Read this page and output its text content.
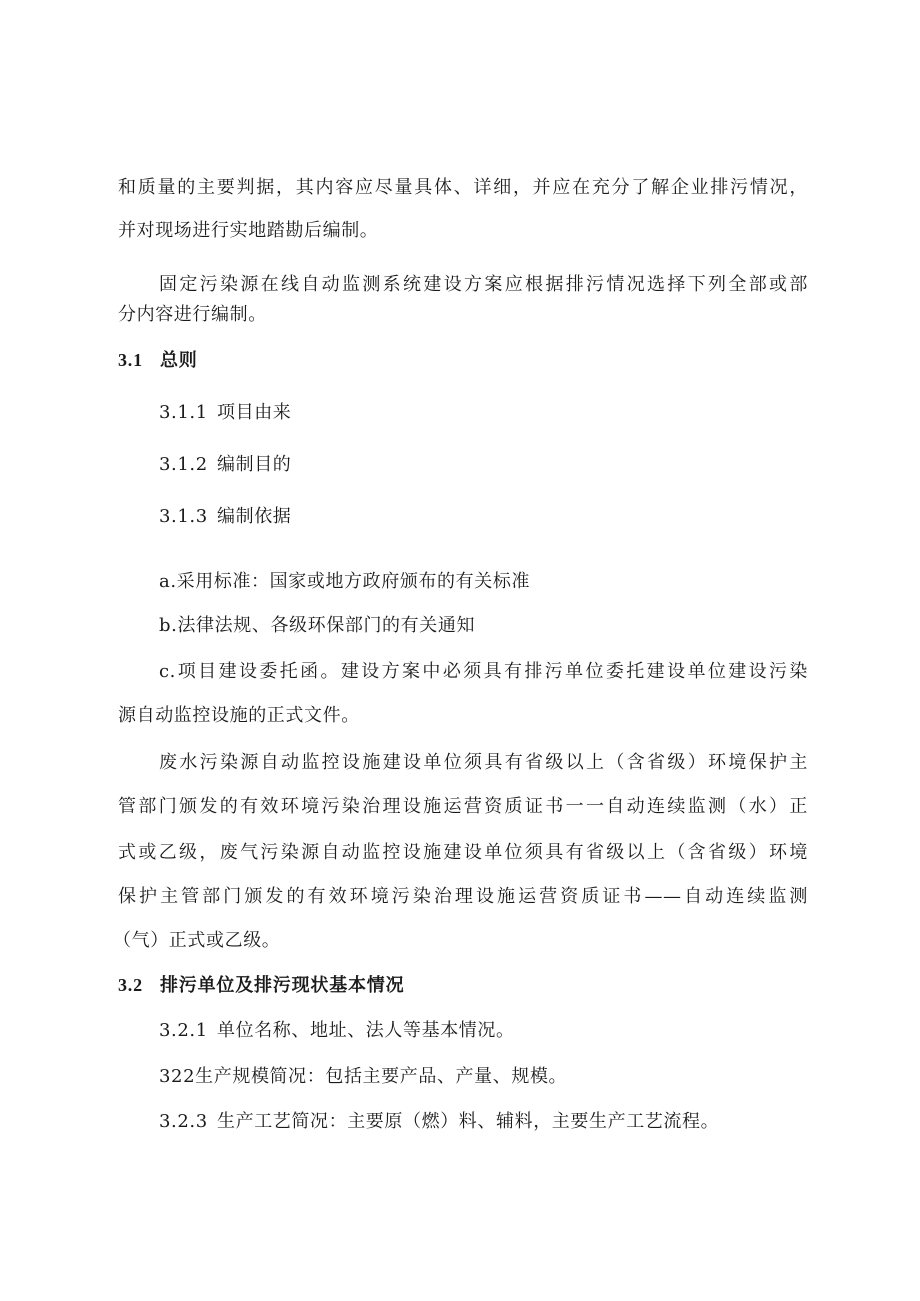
和质量的主要判据，其内容应尽量具体、详细，并应在充分了解企业排污情况，
并对现场进行实地踏勘后编制。
固定污染源在线自动监测系统建设方案应根据排污情况选择下列全部或部
分内容进行编制。
3.1 总则
3.1.1 项目由来
3.1.2 编制目的
3.1.3 编制依据
a.采用标准：国家或地方政府颁布的有关标准
b.法律法规、各级环保部门的有关通知
c.项目建设委托函。建设方案中必须具有排污单位委托建设单位建设污染
源自动监控设施的正式文件。
废水污染源自动监控设施建设单位须具有省级以上（含省级）环境保护主
管部门颁发的有效环境污染治理设施运营资质证书一一自动连续监测（水）正
式或乙级，废气污染源自动监控设施建设单位须具有省级以上（含省级）环境
保护主管部门颁发的有效环境污染治理设施运营资质证书——自动连续监测
（气）正式或乙级。
3.2 排污单位及排污现状基本情况
3.2.1 单位名称、地址、法人等基本情况。
322生产规模简况：包括主要产品、产量、规模。
3.2.3 生产工艺简况：主要原（燃）料、辅料，主要生产工艺流程。
